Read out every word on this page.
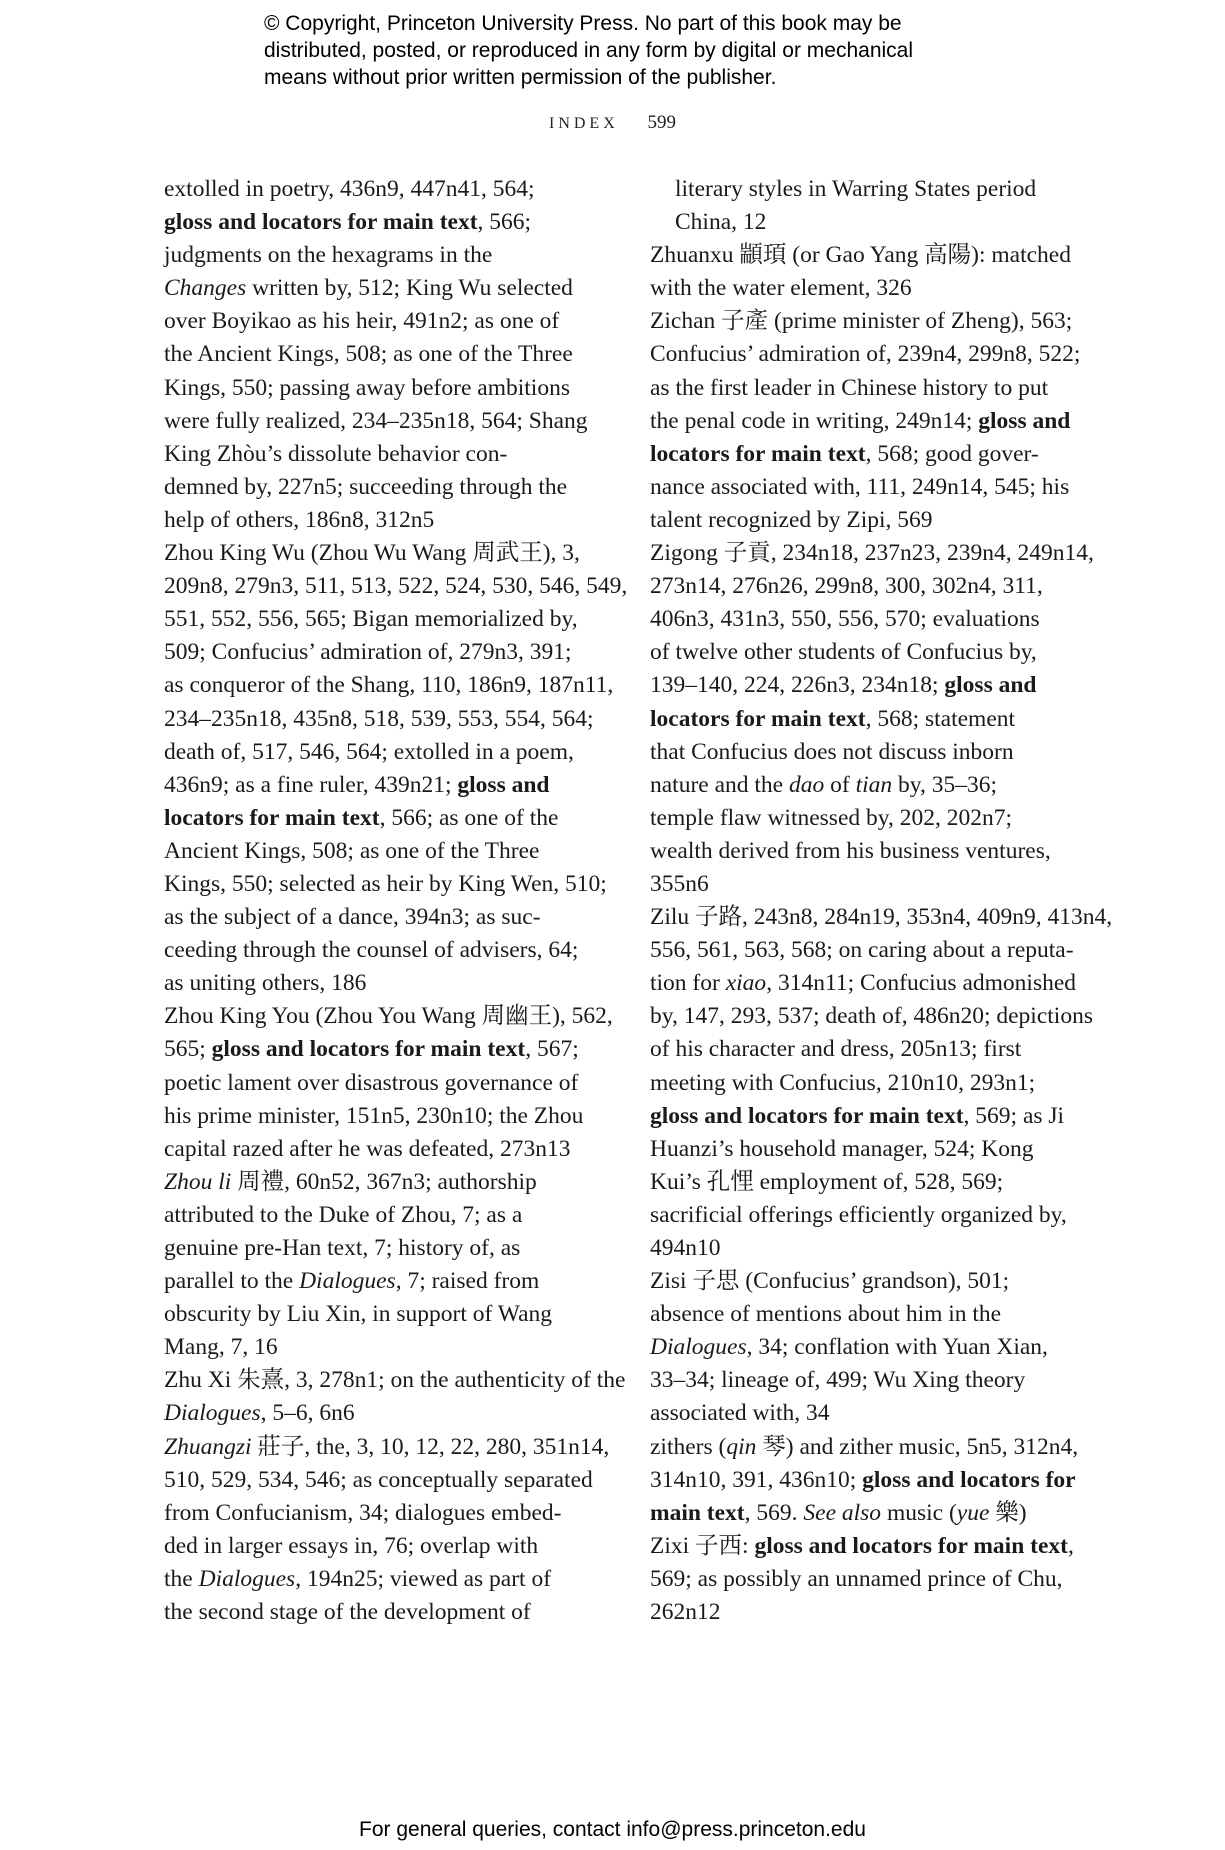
© Copyright, Princeton University Press. No part of this book may be
distributed, posted, or reproduced in any form by digital or mechanical
means without prior written permission of the publisher.
INDEX 599
extolled in poetry, 436n9, 447n41, 564;
gloss and locators for main text, 566;
judgments on the hexagrams in the
Changes written by, 512; King Wu selected
over Boyikao as his heir, 491n2; as one of
the Ancient Kings, 508; as one of the Three
Kings, 550; passing away before ambitions
were fully realized, 234–235n18, 564; Shang
King Zhòu’s dissolute behavior con-
demned by, 227n5; succeeding through the
help of others, 186n8, 312n5
Zhou King Wu (Zhou Wu Wang 周武王), 3,
209n8, 279n3, 511, 513, 522, 524, 530, 546, 549,
551, 552, 556, 565; Bigan memorialized by,
509; Confucius’ admiration of, 279n3, 391;
as conqueror of the Shang, 110, 186n9, 187n11,
234–235n18, 435n8, 518, 539, 553, 554, 564;
death of, 517, 546, 564; extolled in a poem,
436n9; as a fine ruler, 439n21; gloss and
locators for main text, 566; as one of the
Ancient Kings, 508; as one of the Three
Kings, 550; selected as heir by King Wen, 510;
as the subject of a dance, 394n3; as suc-
ceeding through the counsel of advisers, 64;
as uniting others, 186
Zhou King You (Zhou You Wang 周幽王), 562,
565; gloss and locators for main text, 567;
poetic lament over disastrous governance of
his prime minister, 151n5, 230n10; the Zhou
capital razed after he was defeated, 273n13
Zhou li 周禮, 60n52, 367n3; authorship
attributed to the Duke of Zhou, 7; as a
genuine pre-Han text, 7; history of, as
parallel to the Dialogues, 7; raised from
obscurity by Liu Xin, in support of Wang
Mang, 7, 16
Zhu Xi 朱熹, 3, 278n1; on the authenticity of the
Dialogues, 5–6, 6n6
Zhuangzi 莊子, the, 3, 10, 12, 22, 280, 351n14,
510, 529, 534, 546; as conceptually separated
from Confucianism, 34; dialogues embed-
ded in larger essays in, 76; overlap with
the Dialogues, 194n25; viewed as part of
the second stage of the development of
literary styles in Warring States period
China, 12
Zhuanxu 顓頊 (or Gao Yang 高陽): matched
with the water element, 326
Zichan 子產 (prime minister of Zheng), 563;
Confucius’ admiration of, 239n4, 299n8, 522;
as the first leader in Chinese history to put
the penal code in writing, 249n14; gloss and
locators for main text, 568; good gover-
nance associated with, 111, 249n14, 545; his
talent recognized by Zipi, 569
Zigong 子貢, 234n18, 237n23, 239n4, 249n14,
273n14, 276n26, 299n8, 300, 302n4, 311,
406n3, 431n3, 550, 556, 570; evaluations
of twelve other students of Confucius by,
139–140, 224, 226n3, 234n18; gloss and
locators for main text, 568; statement
that Confucius does not discuss inborn
nature and the dao of tian by, 35–36;
temple flaw witnessed by, 202, 202n7;
wealth derived from his business ventures,
355n6
Zilu 子路, 243n8, 284n19, 353n4, 409n9, 413n4,
556, 561, 563, 568; on caring about a reputa-
tion for xiao, 314n11; Confucius admonished
by, 147, 293, 537; death of, 486n20; depictions
of his character and dress, 205n13; first
meeting with Confucius, 210n10, 293n1;
gloss and locators for main text, 569; as Ji
Huanzi’s household manager, 524; Kong
Kui’s 孔悝 employment of, 528, 569;
sacrificial offerings efficiently organized by,
494n10
Zisi 子思 (Confucius’ grandson), 501;
absence of mentions about him in the
Dialogues, 34; conflation with Yuan Xian,
33–34; lineage of, 499; Wu Xing theory
associated with, 34
zithers (qin 琴) and zither music, 5n5, 312n4,
314n10, 391, 436n10; gloss and locators for
main text, 569. See also music (yue 樂)
Zixi 子西: gloss and locators for main text,
569; as possibly an unnamed prince of Chu,
262n12
For general queries, contact info@press.princeton.edu
